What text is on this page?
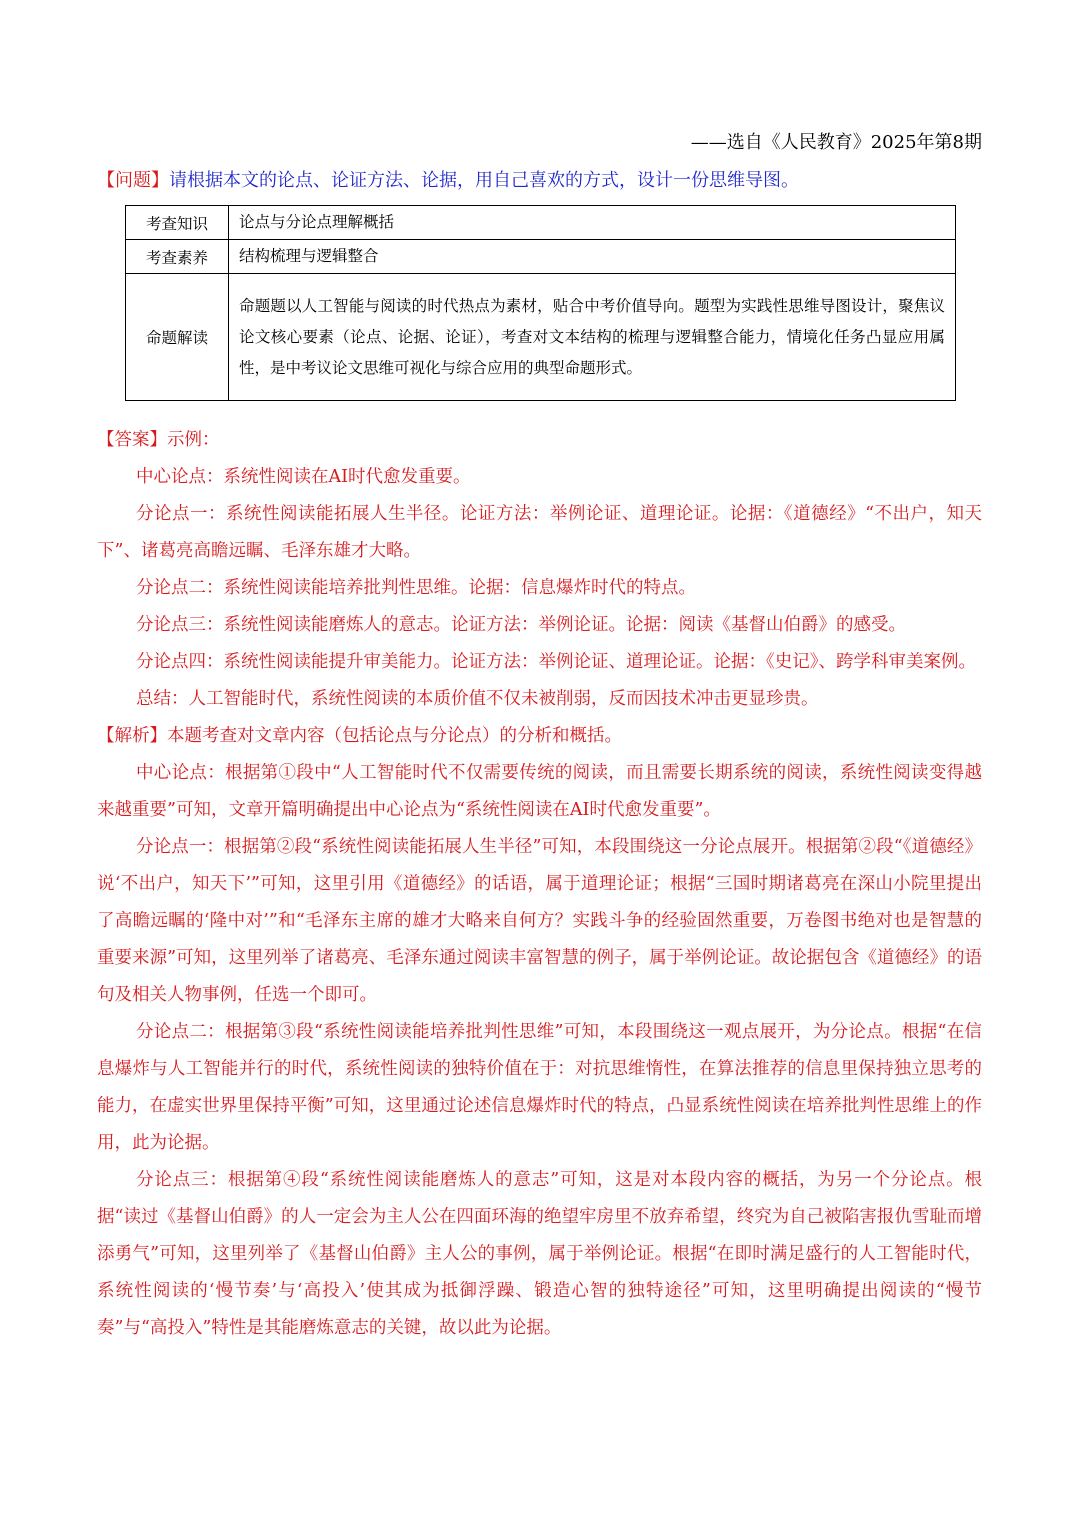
——选自《人民教育》2025年第8期
【问题】请根据本文的论点、论证方法、论据，用自己喜欢的方式，设计一份思维导图。
考查知识	论点与分论点理解概括
考查素养	结构梳理与逻辑整合
命题解读	命题题以人工智能与阅读的时代热点为素材，贴合中考价值导向。题型为实践性思维导图设计，聚焦议论文核心要素（论点、论据、论证），考查对文本结构的梳理与逻辑整合能力，情境化任务凸显应用属性，是中考议论文思维可视化与综合应用的典型命题形式。

【答案】示例：

中心论点：系统性阅读在AI时代愈发重要。

分论点一：系统性阅读能拓展人生半径。论证方法：举例论证、道理论证。论据：《道德经》“不出户，知天下”、诸葛亮高瞻远瞩、毛泽东雄才大略。

分论点二：系统性阅读能培养批判性思维。论据：信息爆炸时代的特点。

分论点三：系统性阅读能磨炼人的意志。论证方法：举例论证。论据：阅读《基督山伯爵》的感受。

分论点四：系统性阅读能提升审美能力。论证方法：举例论证、道理论证。论据：《史记》、跨学科审美案例。

总结：人工智能时代，系统性阅读的本质价值不仅未被削弱，反而因技术冲击更显珍贵。

【解析】本题考查对文章内容（包括论点与分论点）的分析和概括。

中心论点：根据第①段中“人工智能时代不仅需要传统的阅读，而且需要长期系统的阅读，系统性阅读变得越来越重要”可知，文章开篇明确提出中心论点为“系统性阅读在AI时代愈发重要”。

分论点一：根据第②段“系统性阅读能拓展人生半径”可知，本段围绕这一分论点展开。根据第②段“《道德经》说‘不出户，知天下’”可知，这里引用《道德经》的话语，属于道理论证；根据“三国时期诸葛亮在深山小院里提出了高瞻远瞩的‘隆中对’”和“毛泽东主席的雄才大略来自何方？实践斗争的经验固然重要，万卷图书绝对也是智慧的重要来源”可知，这里列举了诸葛亮、毛泽东通过阅读丰富智慧的例子，属于举例论证。故论据包含《道德经》的语句及相关人物事例，任选一个即可。

分论点二：根据第③段“系统性阅读能培养批判性思维”可知，本段围绕这一观点展开，为分论点。根据“在信息爆炸与人工智能并行的时代，系统性阅读的独特价值在于：对抗思维惰性，在算法推荐的信息里保持独立思考的能力，在虚实世界里保持平衡”可知，这里通过论述信息爆炸时代的特点，凸显系统性阅读在培养批判性思维上的作用，此为论据。

分论点三：根据第④段“系统性阅读能磨炼人的意志”可知，这是对本段内容的概括，为另一个分论点。根据“读过《基督山伯爵》的人一定会为主人公在四面环海的绝望牢房里不放弃希望，终究为自己被陷害报仇雪耻而增添勇气”可知，这里列举了《基督山伯爵》主人公的事例，属于举例论证。根据“在即时满足盛行的人工智能时代，系统性阅读的‘慢节奏’与‘高投入’使其成为抵御浮躁、锻造心智的独特途径”可知，这里明确提出阅读的“慢节奏”与“高投入”特性是其能磨炼意志的关键，故以此为论据。
